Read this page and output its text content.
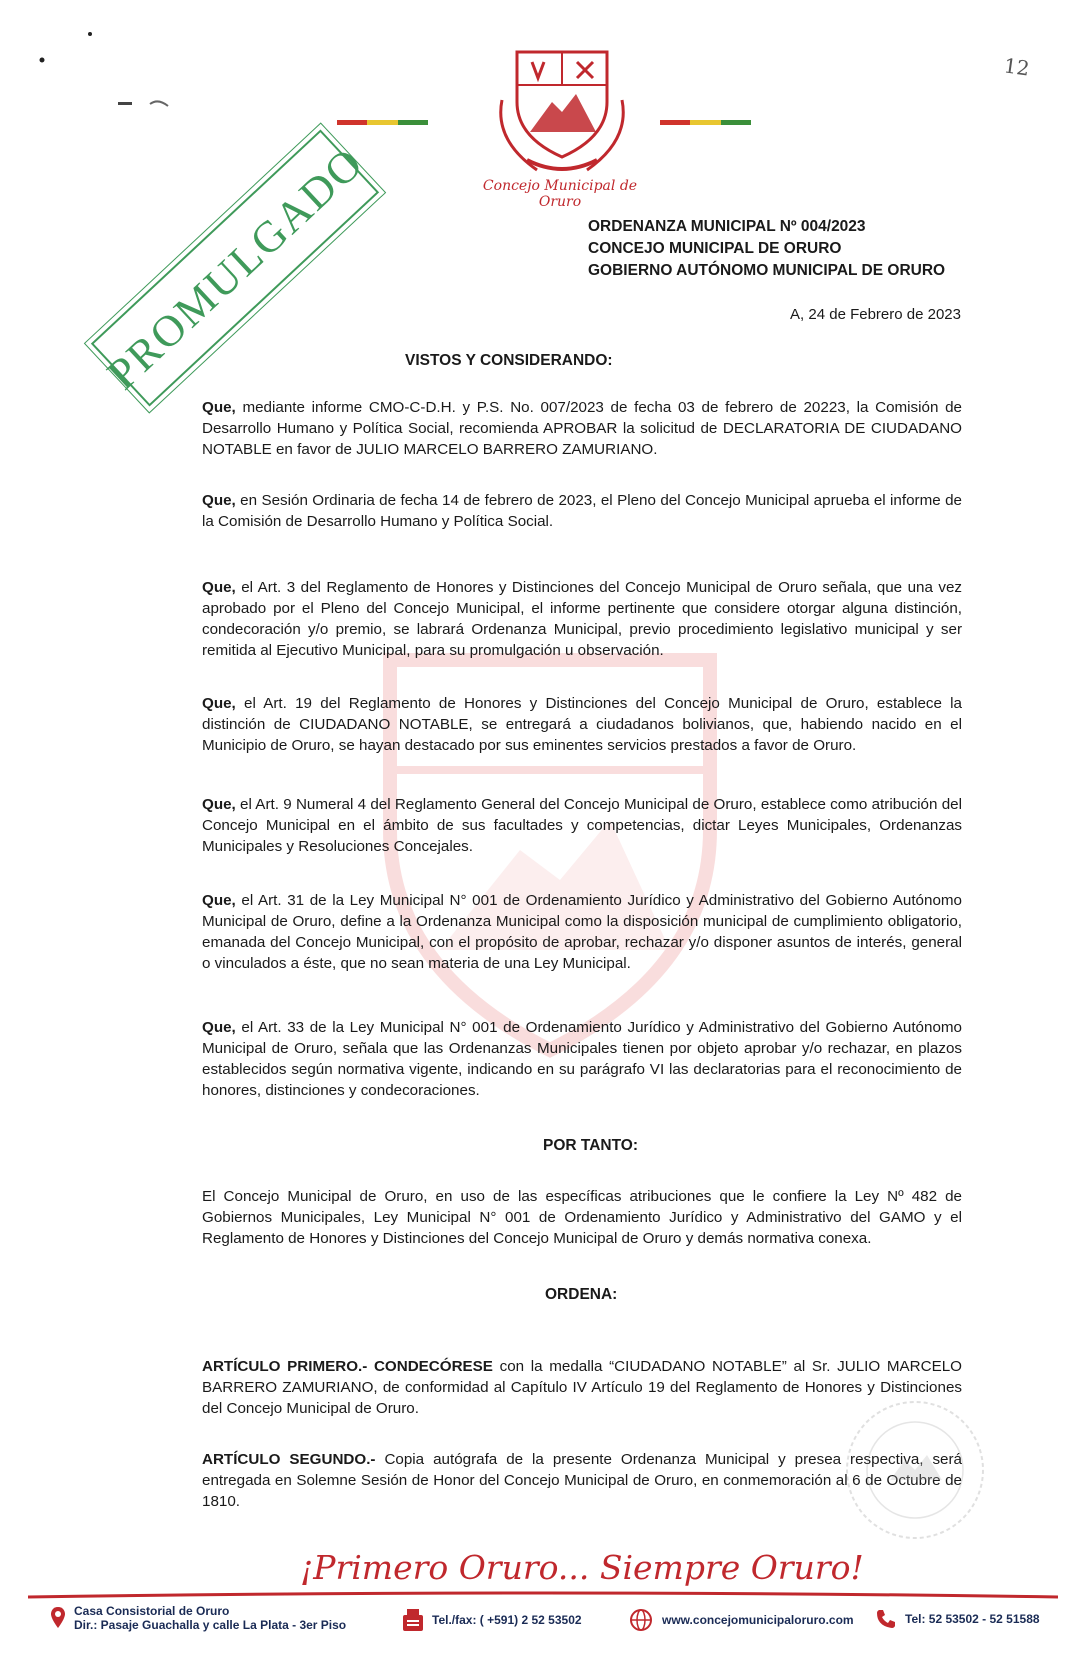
12
Concejo Municipal de Oruro
PROMULGADO	ORDENANZA MUNICIPAL Nº 004/2023
CONCEJO MUNICIPAL DE ORURO
GOBIERNO AUTÓNOMO MUNICIPAL DE ORURO
A, 24 de Febrero de 2023
VISTOS Y CONSIDERANDO:
Que, mediante informe CMO-C-D.H. y P.S. No. 007/2023 de fecha 03 de febrero de 20223, la Comisión de Desarrollo Humano y Política Social, recomienda APROBAR la solicitud de DECLARATORIA DE CIUDADANO NOTABLE en favor de JULIO MARCELO BARRERO ZAMURIANO.
Que, en Sesión Ordinaria de fecha 14 de febrero de 2023, el Pleno del Concejo Municipal aprueba el informe de la Comisión de Desarrollo Humano y Política Social.
Que, el Art. 3 del Reglamento de Honores y Distinciones del Concejo Municipal de Oruro señala, que una vez aprobado por el Pleno del Concejo Municipal, el informe pertinente que considere otorgar alguna distinción, condecoración y/o premio, se labrará Ordenanza Municipal, previo procedimiento legislativo municipal y ser remitida al Ejecutivo Municipal, para su promulgación u observación.
Que, el Art. 19 del Reglamento de Honores y Distinciones del Concejo Municipal de Oruro, establece la distinción de CIUDADANO NOTABLE, se entregará a ciudadanos bolivianos, que, habiendo nacido en el Municipio de Oruro, se hayan destacado por sus eminentes servicios prestados a favor de Oruro.
Que, el Art. 9 Numeral 4 del Reglamento General del Concejo Municipal de Oruro, establece como atribución del Concejo Municipal en el ámbito de sus facultades y competencias, dictar Leyes Municipales, Ordenanzas Municipales y Resoluciones Concejales.
Que, el Art. 31 de la Ley Municipal N° 001 de Ordenamiento Jurídico y Administrativo del Gobierno Autónomo Municipal de Oruro, define a la Ordenanza Municipal como la disposición municipal de cumplimiento obligatorio, emanada del Concejo Municipal, con el propósito de aprobar, rechazar y/o disponer asuntos de interés, general o vinculados a éste, que no sean materia de una Ley Municipal.
Que, el Art. 33 de la Ley Municipal N° 001 de Ordenamiento Jurídico y Administrativo del Gobierno Autónomo Municipal de Oruro, señala que las Ordenanzas Municipales tienen por objeto aprobar y/o rechazar, en plazos establecidos según normativa vigente, indicando en su parágrafo VI las declaratorias para el reconocimiento de honores, distinciones y condecoraciones.
POR TANTO:
El Concejo Municipal de Oruro, en uso de las específicas atribuciones que le confiere la Ley Nº 482 de Gobiernos Municipales, Ley Municipal N° 001 de Ordenamiento Jurídico y Administrativo del GAMO y el Reglamento de Honores y Distinciones del Concejo Municipal de Oruro y demás normativa conexa.
ORDENA:
ARTÍCULO PRIMERO.- CONDECÓRESE con la medalla “CIUDADANO NOTABLE” al Sr. JULIO MARCELO BARRERO ZAMURIANO, de conformidad al Capítulo IV Artículo 19 del Reglamento de Honores y Distinciones del Concejo Municipal de Oruro.
ARTÍCULO SEGUNDO.- Copia autógrafa de la presente Ordenanza Municipal y presea respectiva, será entregada en Solemne Sesión de Honor del Concejo Municipal de Oruro, en conmemoración al 6 de Octubre de 1810.
¡Primero Oruro... Siempre Oruro!
Casa Consistorial de Oruro
Dir.: Pasaje Guachalla y calle La Plata - 3er Piso	Tel./fax: ( +591) 2 52 53502	www.concejomunicipaloruro.com	Tel: 52 53502 - 52 51588
